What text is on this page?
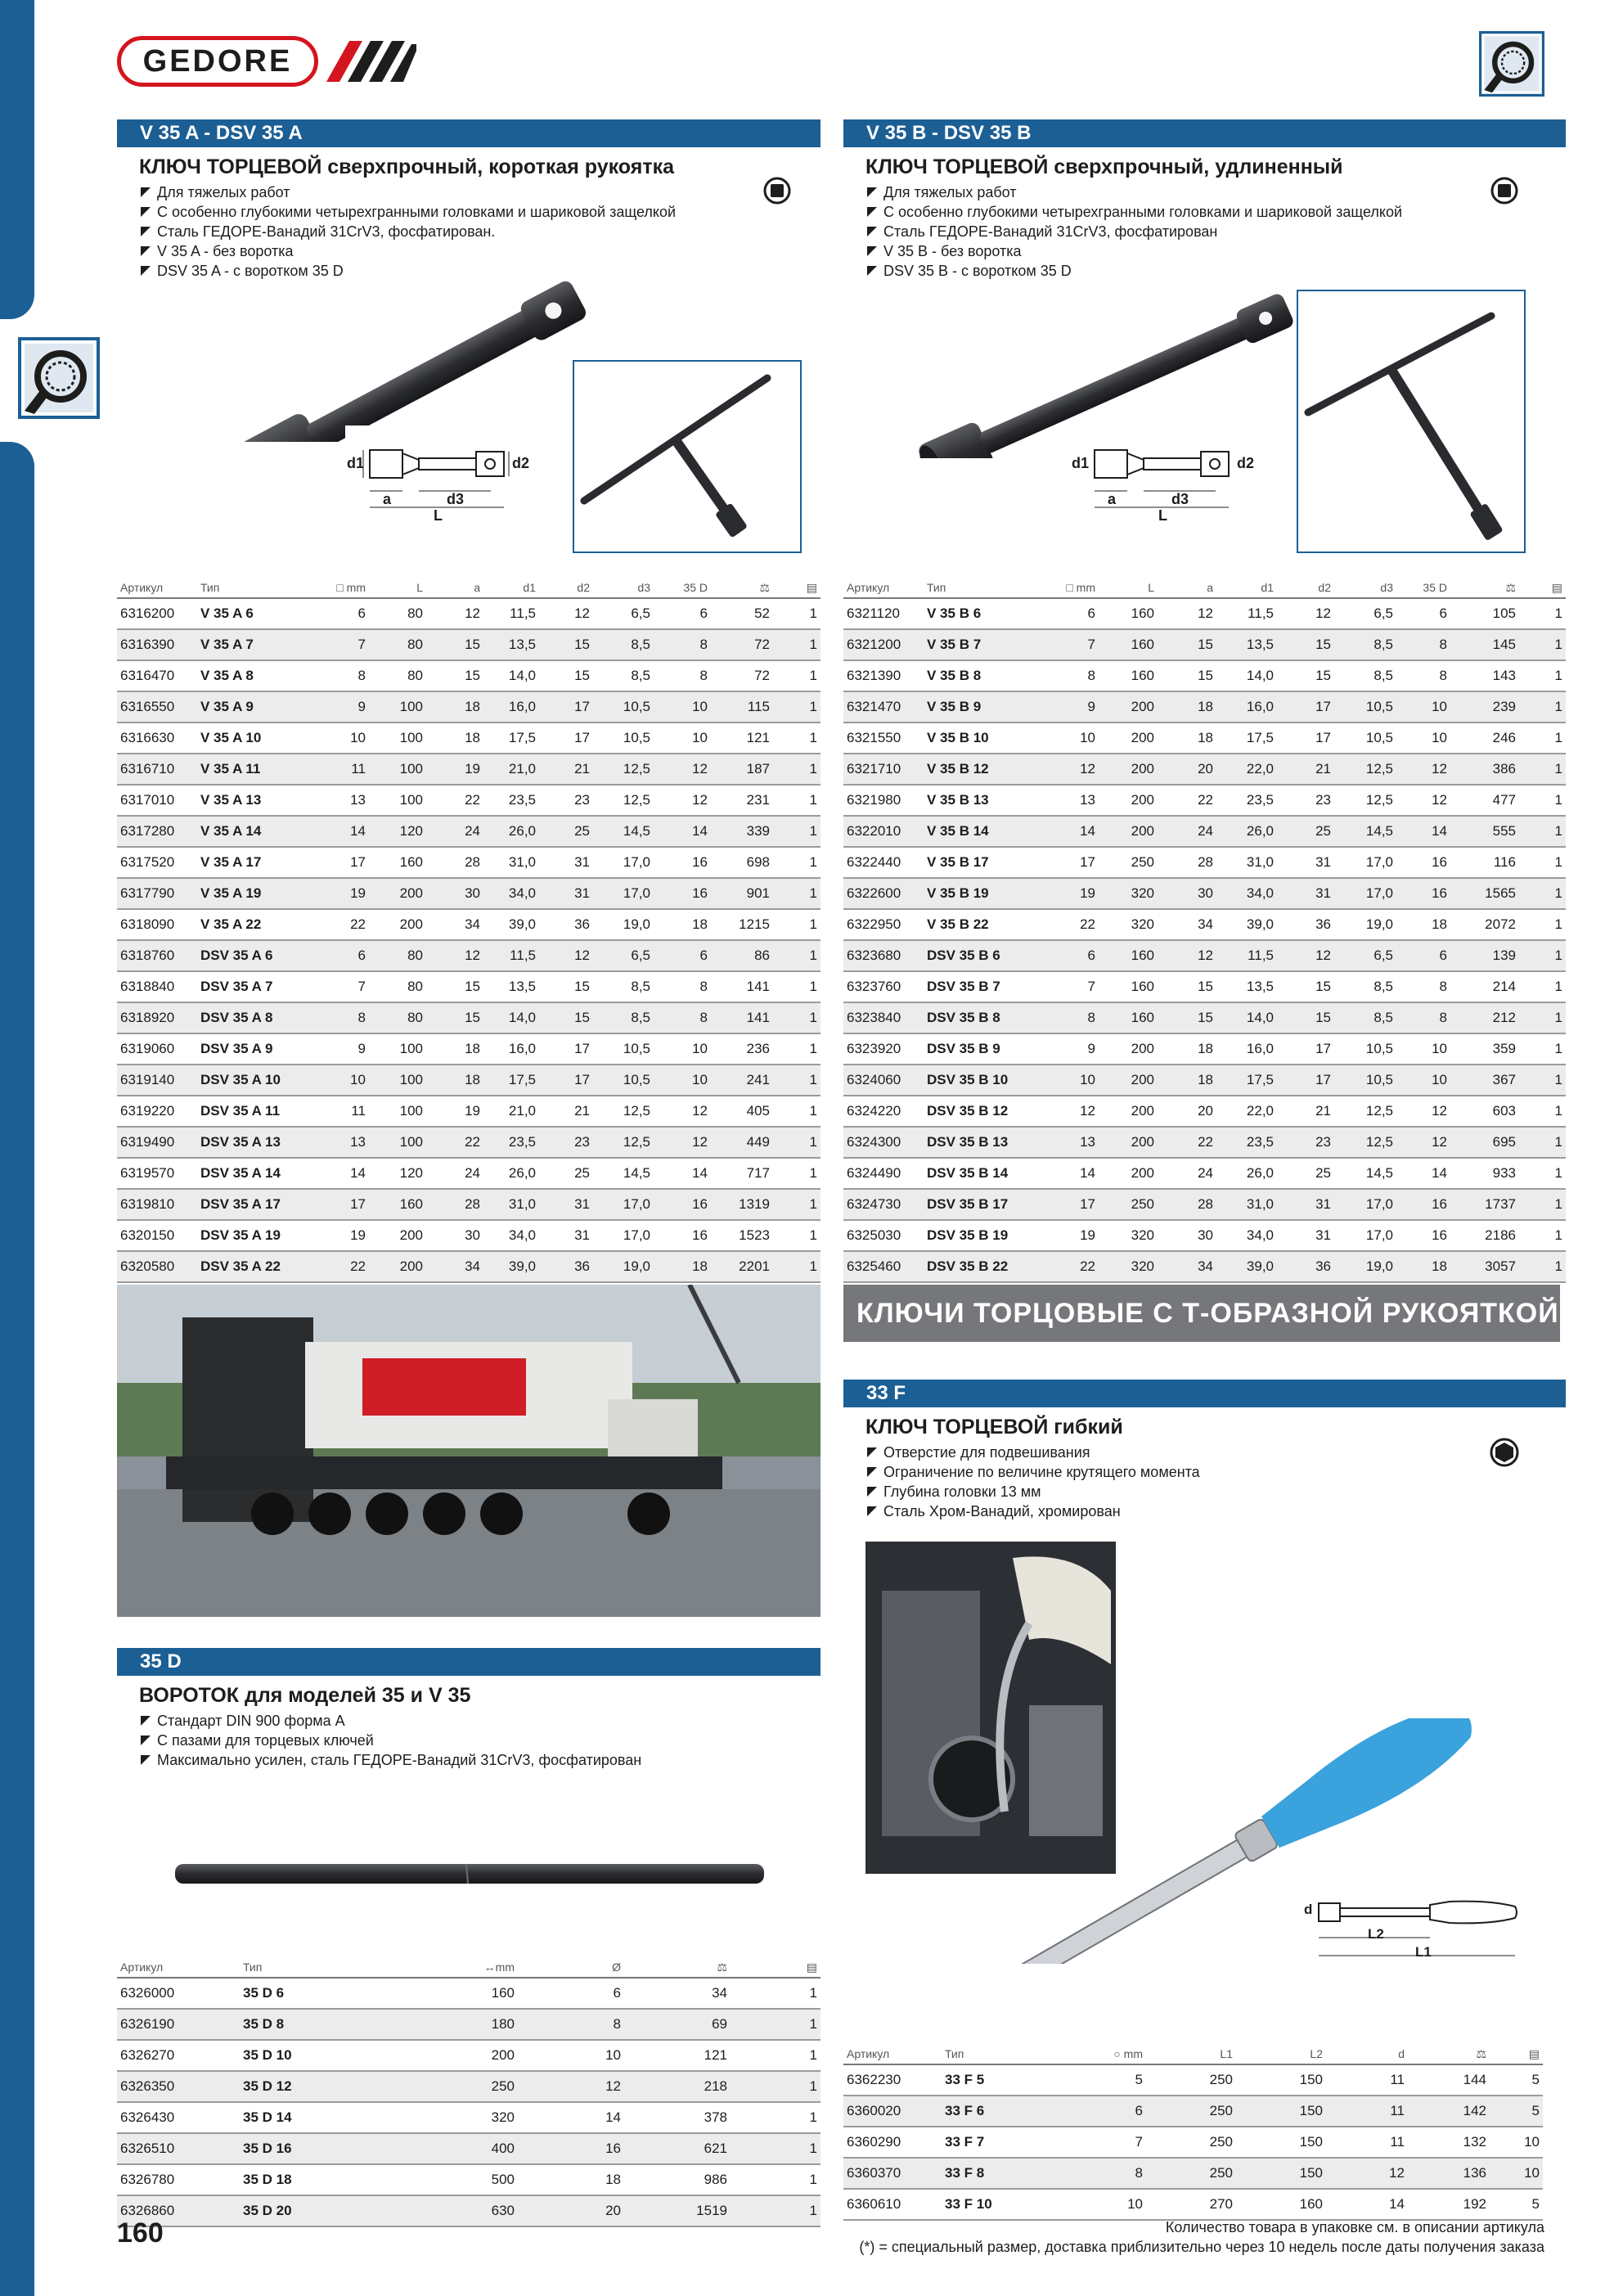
GEDORE
V 35 A - DSV 35 A
КЛЮЧ ТОРЦЕВОЙ сверхпрочный, короткая рукоятка
Для тяжелых работ
С особенно глубокими четырехгранными головками и шариковой защелкой
Сталь ГЕДОРЕ-Ванадий 31CrV3, фосфатирован.
V 35 A - без воротка
DSV 35 A - с воротком 35 D
d1	d2
a	d3
L
Артикул	Тип	□ mm	L	a	d1	d2	d3	35 D	⚖	▤
6316200	V 35 A 6	6	80	12	11,5	12	6,5	6	52	1
6316390	V 35 A 7	7	80	15	13,5	15	8,5	8	72	1
6316470	V 35 A 8	8	80	15	14,0	15	8,5	8	72	1
6316550	V 35 A 9	9	100	18	16,0	17	10,5	10	115	1
6316630	V 35 A 10	10	100	18	17,5	17	10,5	10	121	1
6316710	V 35 A 11	11	100	19	21,0	21	12,5	12	187	1
6317010	V 35 A 13	13	100	22	23,5	23	12,5	12	231	1
6317280	V 35 A 14	14	120	24	26,0	25	14,5	14	339	1
6317520	V 35 A 17	17	160	28	31,0	31	17,0	16	698	1
6317790	V 35 A 19	19	200	30	34,0	31	17,0	16	901	1
6318090	V 35 A 22	22	200	34	39,0	36	19,0	18	1215	1
6318760	DSV 35 A 6	6	80	12	11,5	12	6,5	6	86	1
6318840	DSV 35 A 7	7	80	15	13,5	15	8,5	8	141	1
6318920	DSV 35 A 8	8	80	15	14,0	15	8,5	8	141	1
6319060	DSV 35 A 9	9	100	18	16,0	17	10,5	10	236	1
6319140	DSV 35 A 10	10	100	18	17,5	17	10,5	10	241	1
6319220	DSV 35 A 11	11	100	19	21,0	21	12,5	12	405	1
6319490	DSV 35 A 13	13	100	22	23,5	23	12,5	12	449	1
6319570	DSV 35 A 14	14	120	24	26,0	25	14,5	14	717	1
6319810	DSV 35 A 17	17	160	28	31,0	31	17,0	16	1319	1
6320150	DSV 35 A 19	19	200	30	34,0	31	17,0	16	1523	1
6320580	DSV 35 A 22	22	200	34	39,0	36	19,0	18	2201	1
V 35 B - DSV 35 B
КЛЮЧ ТОРЦЕВОЙ сверхпрочный, удлиненный
Для тяжелых работ
С особенно глубокими четырехгранными головками и шариковой защелкой
Сталь ГЕДОРЕ-Ванадий 31CrV3, фосфатирован
V 35 B - без воротка
DSV 35 B - с воротком 35 D
d1	d2
a	d3
L
Артикул	Тип	□ mm	L	a	d1	d2	d3	35 D	⚖	▤
6321120	V 35 B 6	6	160	12	11,5	12	6,5	6	105	1
6321200	V 35 B 7	7	160	15	13,5	15	8,5	8	145	1
6321390	V 35 B 8	8	160	15	14,0	15	8,5	8	143	1
6321470	V 35 B 9	9	200	18	16,0	17	10,5	10	239	1
6321550	V 35 B 10	10	200	18	17,5	17	10,5	10	246	1
6321710	V 35 B 12	12	200	20	22,0	21	12,5	12	386	1
6321980	V 35 B 13	13	200	22	23,5	23	12,5	12	477	1
6322010	V 35 B 14	14	200	24	26,0	25	14,5	14	555	1
6322440	V 35 B 17	17	250	28	31,0	31	17,0	16	116	1
6322600	V 35 B 19	19	320	30	34,0	31	17,0	16	1565	1
6322950	V 35 B 22	22	320	34	39,0	36	19,0	18	2072	1
6323680	DSV 35 B 6	6	160	12	11,5	12	6,5	6	139	1
6323760	DSV 35 B 7	7	160	15	13,5	15	8,5	8	214	1
6323840	DSV 35 B 8	8	160	15	14,0	15	8,5	8	212	1
6323920	DSV 35 B 9	9	200	18	16,0	17	10,5	10	359	1
6324060	DSV 35 B 10	10	200	18	17,5	17	10,5	10	367	1
6324220	DSV 35 B 12	12	200	20	22,0	21	12,5	12	603	1
6324300	DSV 35 B 13	13	200	22	23,5	23	12,5	12	695	1
6324490	DSV 35 B 14	14	200	24	26,0	25	14,5	14	933	1
6324730	DSV 35 B 17	17	250	28	31,0	31	17,0	16	1737	1
6325030	DSV 35 B 19	19	320	30	34,0	31	17,0	16	2186	1
6325460	DSV 35 B 22	22	320	34	39,0	36	19,0	18	3057	1
КЛЮЧИ ТОРЦОВЫЕ С Т-ОБРАЗНОЙ РУКОЯТКОЙ
33 F
КЛЮЧ ТОРЦЕВОЙ гибкий
Отверстие для подвешивания
Ограничение по величине крутящего момента
Глубина головки 13 мм
Сталь Хром-Ванадий, хромирован
d
L2
L1
Артикул	Тип	○ mm	L1	L2	d	⚖	▤
6362230	33 F 5	5	250	150	11	144	5
6360020	33 F 6	6	250	150	11	142	5
6360290	33 F 7	7	250	150	11	132	10
6360370	33 F 8	8	250	150	12	136	10
6360610	33 F 10	10	270	160	14	192	5
35 D
ВОРОТОК для моделей 35 и V 35
Стандарт DIN 900 форма A
С пазами для торцевых ключей
Максимально усилен, сталь ГЕДОРЕ-Ванадий 31CrV3, фосфатирован
Артикул	Тип	↔mm	Ø	⚖	▤
6326000	35 D 6	160	6	34	1
6326190	35 D 8	180	8	69	1
6326270	35 D 10	200	10	121	1
6326350	35 D 12	250	12	218	1
6326430	35 D 14	320	14	378	1
6326510	35 D 16	400	16	621	1
6326780	35 D 18	500	18	986	1
6326860	35 D 20	630	20	1519	1
160	Количество товара в упаковке см. в описании артикула
(*) = специальный размер, доставка приблизительно через 10 недель после даты получения заказа
